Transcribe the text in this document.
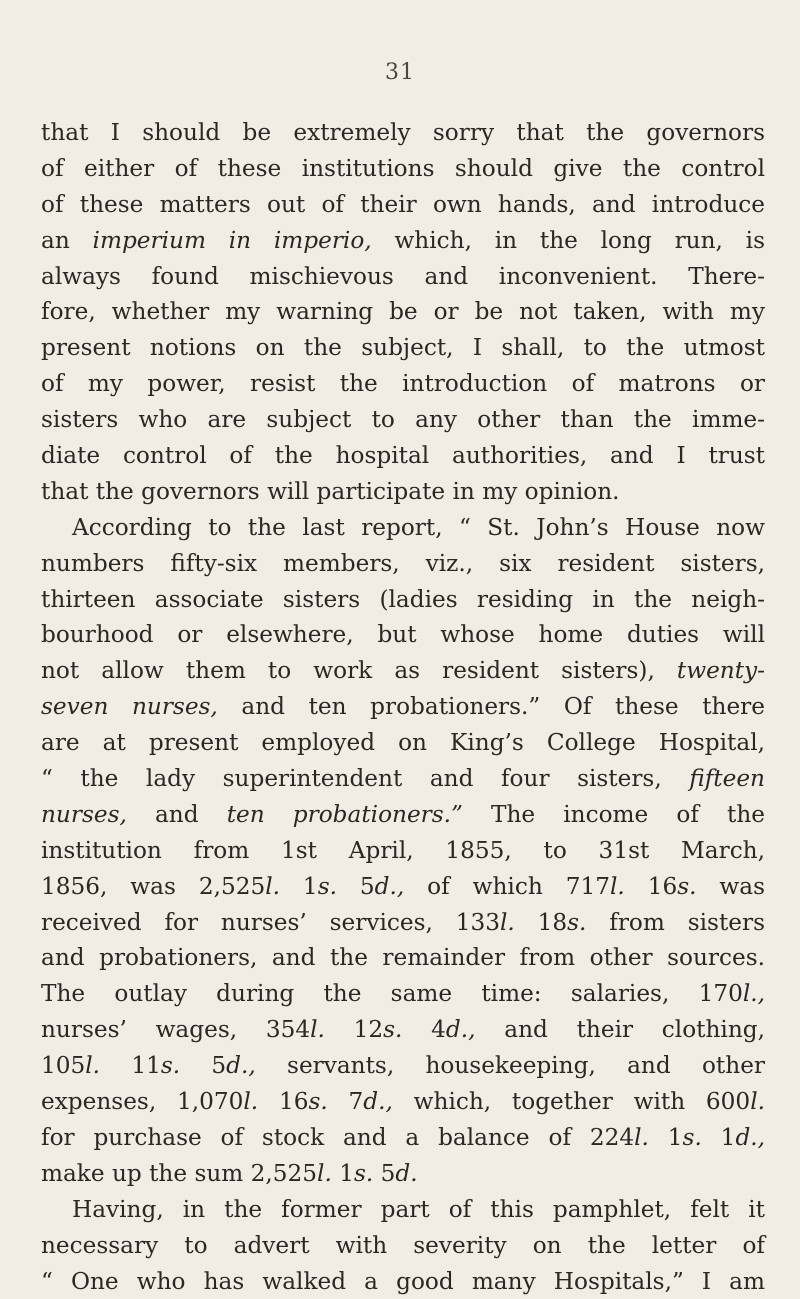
31
that I should be extremely sorry that the governors
of either of these institutions should give the control
of these matters out of their own hands, and introduce
an imperium in imperio, which, in the long run, is
always found mischievous and inconvenient. There-
fore, whether my warning be or be not taken, with my
present notions on the subject, I shall, to the utmost
of my power, resist the introduction of matrons or
sisters who are subject to any other than the imme-
diate control of the hospital authorities, and I trust
that the governors will participate in my opinion.
According to the last report, “ St. John’s House now
numbers fifty-six members, viz., six resident sisters,
thirteen associate sisters (ladies residing in the neigh-
bourhood or elsewhere, but whose home duties will
not allow them to work as resident sisters), twenty-
seven nurses, and ten probationers.” Of these there
are at present employed on King’s College Hospital,
“ the lady superintendent and four sisters, fifteen
nurses, and ten probationers.” The income of the
institution from 1st April, 1855, to 31st March,
1856, was 2,525l. 1s. 5d., of which 717l. 16s. was
received for nurses’ services, 133l. 18s. from sisters
and probationers, and the remainder from other sources.
The outlay during the same time: salaries, 170l.,
nurses’ wages, 354l. 12s. 4d., and their clothing,
105l. 11s. 5d., servants, housekeeping, and other
expenses, 1,070l. 16s. 7d., which, together with 600l.
for purchase of stock and a balance of 224l. 1s. 1d.,
make up the sum 2,525l. 1s. 5d.
Having, in the former part of this pamphlet, felt it
necessary to advert with severity on the letter of
“ One who has walked a good many Hospitals,” I am
